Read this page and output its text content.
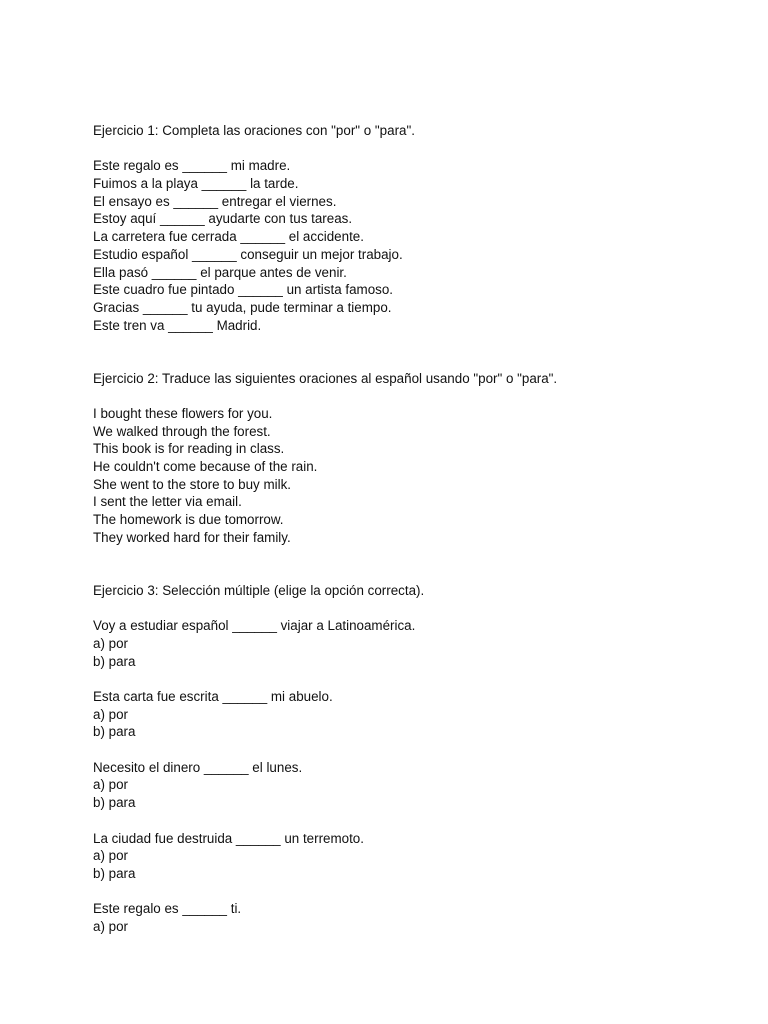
Ejercicio 1: Completa las oraciones con "por" o "para".
Este regalo es ______ mi madre.
Fuimos a la playa ______ la tarde.
El ensayo es ______ entregar el viernes.
Estoy aquí ______ ayudarte con tus tareas.
La carretera fue cerrada ______ el accidente.
Estudio español ______ conseguir un mejor trabajo.
Ella pasó ______ el parque antes de venir.
Este cuadro fue pintado ______ un artista famoso.
Gracias ______ tu ayuda, pude terminar a tiempo.
Este tren va ______ Madrid.
Ejercicio 2: Traduce las siguientes oraciones al español usando "por" o "para".
I bought these flowers for you.
We walked through the forest.
This book is for reading in class.
He couldn't come because of the rain.
She went to the store to buy milk.
I sent the letter via email.
The homework is due tomorrow.
They worked hard for their family.
Ejercicio 3: Selección múltiple (elige la opción correcta).
Voy a estudiar español ______ viajar a Latinoamérica.
a) por
b) para
Esta carta fue escrita ______ mi abuelo.
a) por
b) para
Necesito el dinero ______ el lunes.
a) por
b) para
La ciudad fue destruida ______ un terremoto.
a) por
b) para
Este regalo es ______ ti.
a) por
